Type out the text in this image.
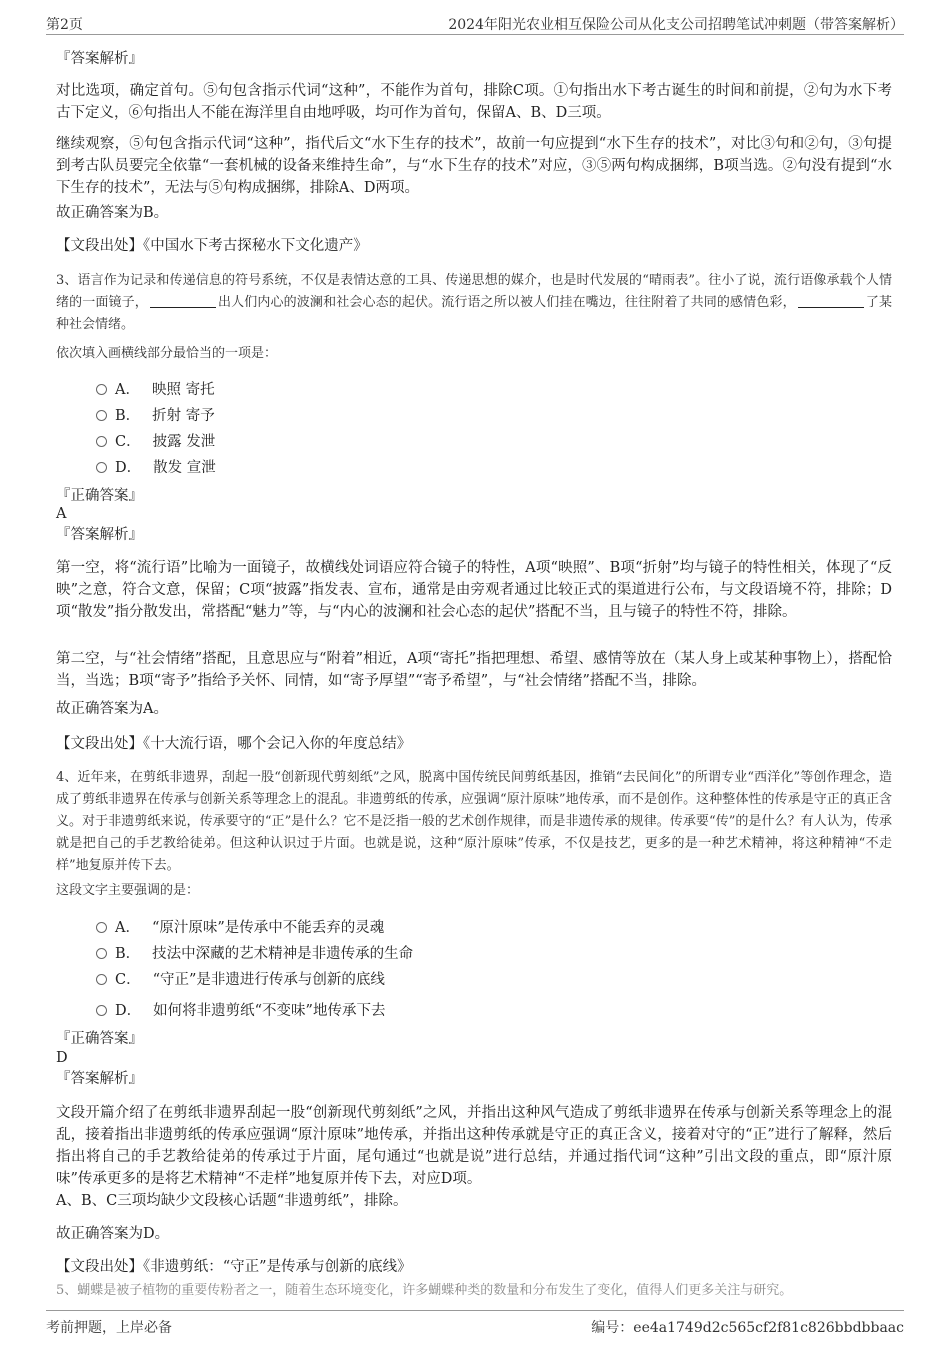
第2页	2024年阳光农业相互保险公司从化支公司招聘笔试冲刺题（带答案解析）
『答案解析』

对比选项，确定首句。⑤句包含指示代词“这种”，不能作为首句，排除C项。①句指出水下考古诞生的时间和前提，②句为水下考古下定义，⑥句指出人不能在海洋里自由地呼吸，均可作为首句，保留A、B、D三项。

继续观察，⑤句包含指示代词“这种”，指代后文“水下生存的技术”，故前一句应提到“水下生存的技术”，对比③句和②句，③句提到考古队员要完全依靠“一套机械的设备来维持生命”，与“水下生存的技术”对应，③⑤两句构成捆绑，B项当选。②句没有提到“水下生存的技术”，无法与⑤句构成捆绑，排除A、D两项。

故正确答案为B。

【文段出处】《中国水下考古探秘水下文化遗产》

3、语言作为记录和传递信息的符号系统，不仅是表情达意的工具、传递思想的媒介，也是时代发展的“晴雨表”。往小了说，流行语像承载个人情绪的一面镜子，	出人们内心的波澜和社会心态的起伏。流行语之所以被人们挂在嘴边，往往附着了共同的感情色彩，	了某种社会情绪。

依次填入画横线部分最恰当的一项是：

A． 映照 寄托
B． 折射 寄予
C． 披露 发泄
D． 散发 宣泄
『正确答案』
A
『答案解析』

第一空，将“流行语”比喻为一面镜子，故横线处词语应符合镜子的特性，A项“映照”、B项“折射”均与镜子的特性相关，体现了“反映”之意，符合文意，保留；C项“披露”指发表、宣布，通常是由旁观者通过比较正式的渠道进行公布，与文段语境不符，排除；D项“散发”指分散发出，常搭配“魅力”等，与“内心的波澜和社会心态的起伏”搭配不当，且与镜子的特性不符，排除。

第二空，与“社会情绪”搭配，且意思应与“附着”相近，A项“寄托”指把理想、希望、感情等放在（某人身上或某种事物上），搭配恰当，当选；B项“寄予”指给予关怀、同情，如“寄予厚望”“寄予希望”，与“社会情绪”搭配不当，排除。

故正确答案为A。

【文段出处】《十大流行语，哪个会记入你的年度总结》

4、近年来，在剪纸非遗界，刮起一股“创新现代剪刻纸”之风，脱离中国传统民间剪纸基因，推销“去民间化”的所谓专业“西洋化”等创作理念，造成了剪纸非遗界在传承与创新关系等理念上的混乱。非遗剪纸的传承，应强调“原汁原味”地传承，而不是创作。这种整体性的传承是守正的真正含义。对于非遗剪纸来说，传承要守的“正”是什么？它不是泛指一般的艺术创作规律，而是非遗传承的规律。传承要“传”的是什么？有人认为，传承就是把自己的手艺教给徒弟。但这种认识过于片面。也就是说，这种“原汁原味”传承，不仅是技艺，更多的是一种艺术精神，将这种精神“不走样”地复原并传下去。

这段文字主要强调的是：

A． “原汁原味”是传承中不能丢弃的灵魂
B． 技法中深藏的艺术精神是非遗传承的生命
C． “守正”是非遗进行传承与创新的底线
D． 如何将非遗剪纸“不变味”地传承下去
『正确答案』
D
『答案解析』

文段开篇介绍了在剪纸非遗界刮起一股“创新现代剪刻纸”之风，并指出这种风气造成了剪纸非遗界在传承与创新关系等理念上的混乱，接着指出非遗剪纸的传承应强调“原汁原味”地传承，并指出这种传承就是守正的真正含义，接着对守的“正”进行了解释，然后指出将自己的手艺教给徒弟的传承过于片面，尾句通过“也就是说”进行总结，并通过指代词“这种”引出文段的重点，即“原汁原味”传承更多的是将艺术精神“不走样”地复原并传下去，对应D项。

A、B、C三项均缺少文段核心话题“非遗剪纸”，排除。

故正确答案为D。

【文段出处】《非遗剪纸：“守正”是传承与创新的底线》
5、蝴蝶是被子植物的重要传粉者之一，随着生态环境变化，许多蝴蝶种类的数量和分布发生了变化，值得人们更多关注与研究。
考前押题，上岸必备	编号：ee4a1749d2c565cf2f81c826bbdbbaac
